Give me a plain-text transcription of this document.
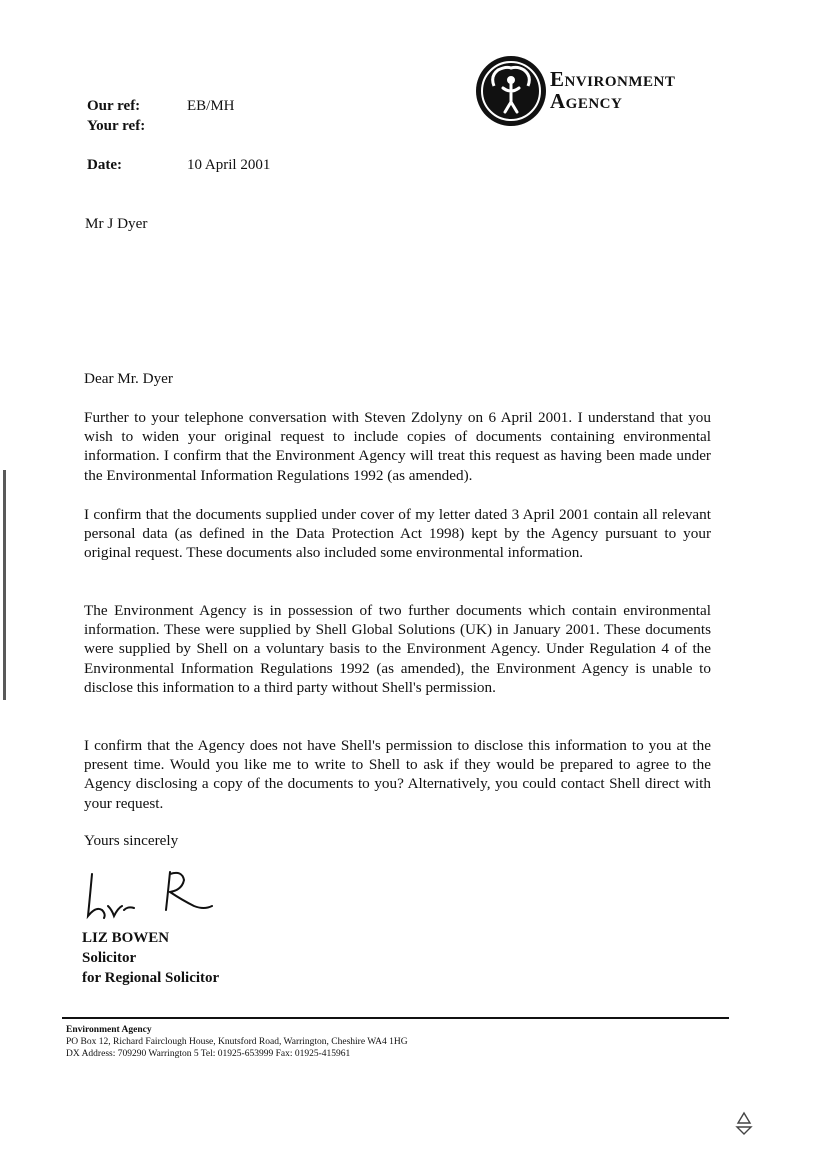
Our ref:	EB/MH
Your ref:
Date:	10 April 2001
Mr J Dyer
Environment
Agency
Dear Mr. Dyer
Further to your telephone conversation with Steven Zdolyny on 6 April 2001. I understand that you wish to widen your original request to include copies of documents containing environmental information. I confirm that the Environment Agency will treat this request as having been made under the Environmental Information Regulations 1992 (as amended).
I confirm that the documents supplied under cover of my letter dated 3 April 2001 contain all relevant personal data (as defined in the Data Protection Act 1998) kept by the Agency pursuant to your original request. These documents also included some environmental information.
The Environment Agency is in possession of two further documents which contain environmental information. These were supplied by Shell Global Solutions (UK) in January 2001. These documents were supplied by Shell on a voluntary basis to the Environment Agency. Under Regulation 4 of the Environmental Information Regulations 1992 (as amended), the Environment Agency is unable to disclose this information to a third party without Shell's permission.
I confirm that the Agency does not have Shell's permission to disclose this information to you at the present time. Would you like me to write to Shell to ask if they would be prepared to agree to the Agency disclosing a copy of the documents to you? Alternatively, you could contact Shell direct with your request.
Yours sincerely
LIZ BOWEN
Solicitor
for Regional Solicitor
Environment Agency
PO Box 12, Richard Fairclough House, Knutsford Road, Warrington, Cheshire WA4 1HG
DX Address: 709290 Warrington 5 Tel: 01925-653999 Fax: 01925-415961
